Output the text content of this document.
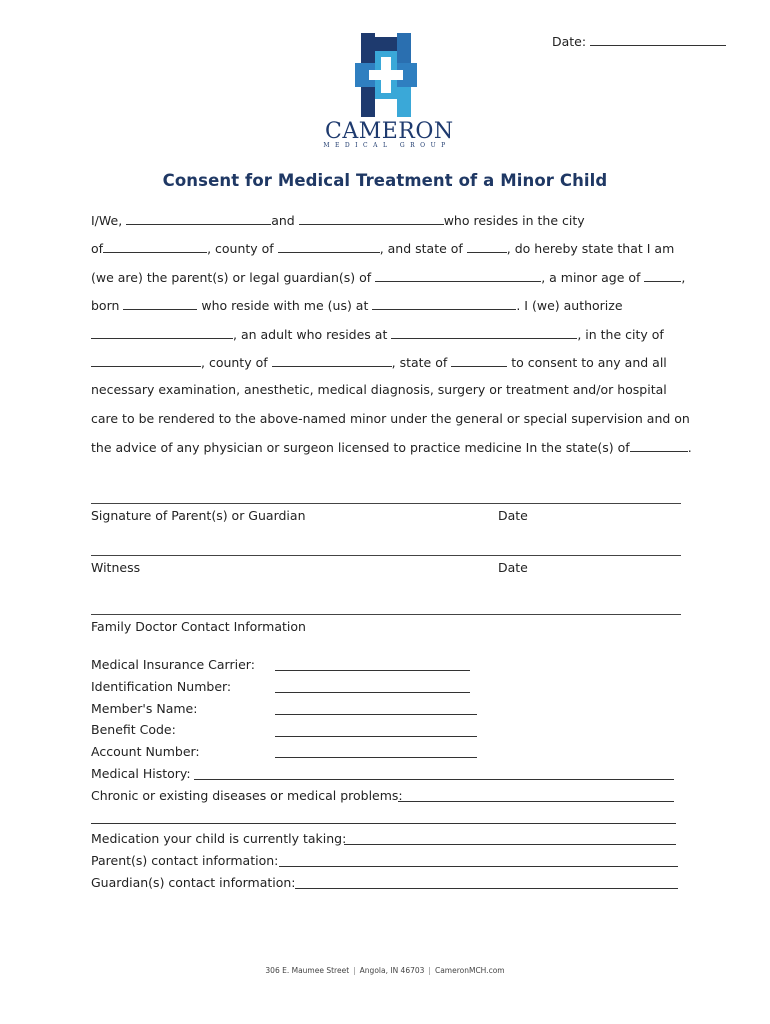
Date:
CAMERON
MEDICAL GROUP
Consent for Medical Treatment of a Minor Child
I/We,	and	who resides in the city
of	, county of	, and state of	, do hereby state that I am
(we are) the parent(s) or legal guardian(s) of	, a minor age of	,
born	who reside with me (us) at	. I (we) authorize
, an adult who resides at	, in the city of
, county of	, state of	to consent to any and all
necessary examination, anesthetic, medical diagnosis, surgery or treatment and/or hospital
care to be rendered to the above-named minor under the general or special supervision and on
the advice of any physician or surgeon licensed to practice medicine In the state(s) of	.
Signature of Parent(s) or Guardian	Date
Witness	Date
Family Doctor Contact Information
Medical Insurance Carrier:
Identification Number:
Member's Name:
Benefit Code:
Account Number:
Medical History:
Chronic or existing diseases or medical problems:
Medication your child is currently taking:
Parent(s) contact information:
Guardian(s) contact information:
306 E. Maumee Street | Angola, IN 46703 | CameronMCH.com
